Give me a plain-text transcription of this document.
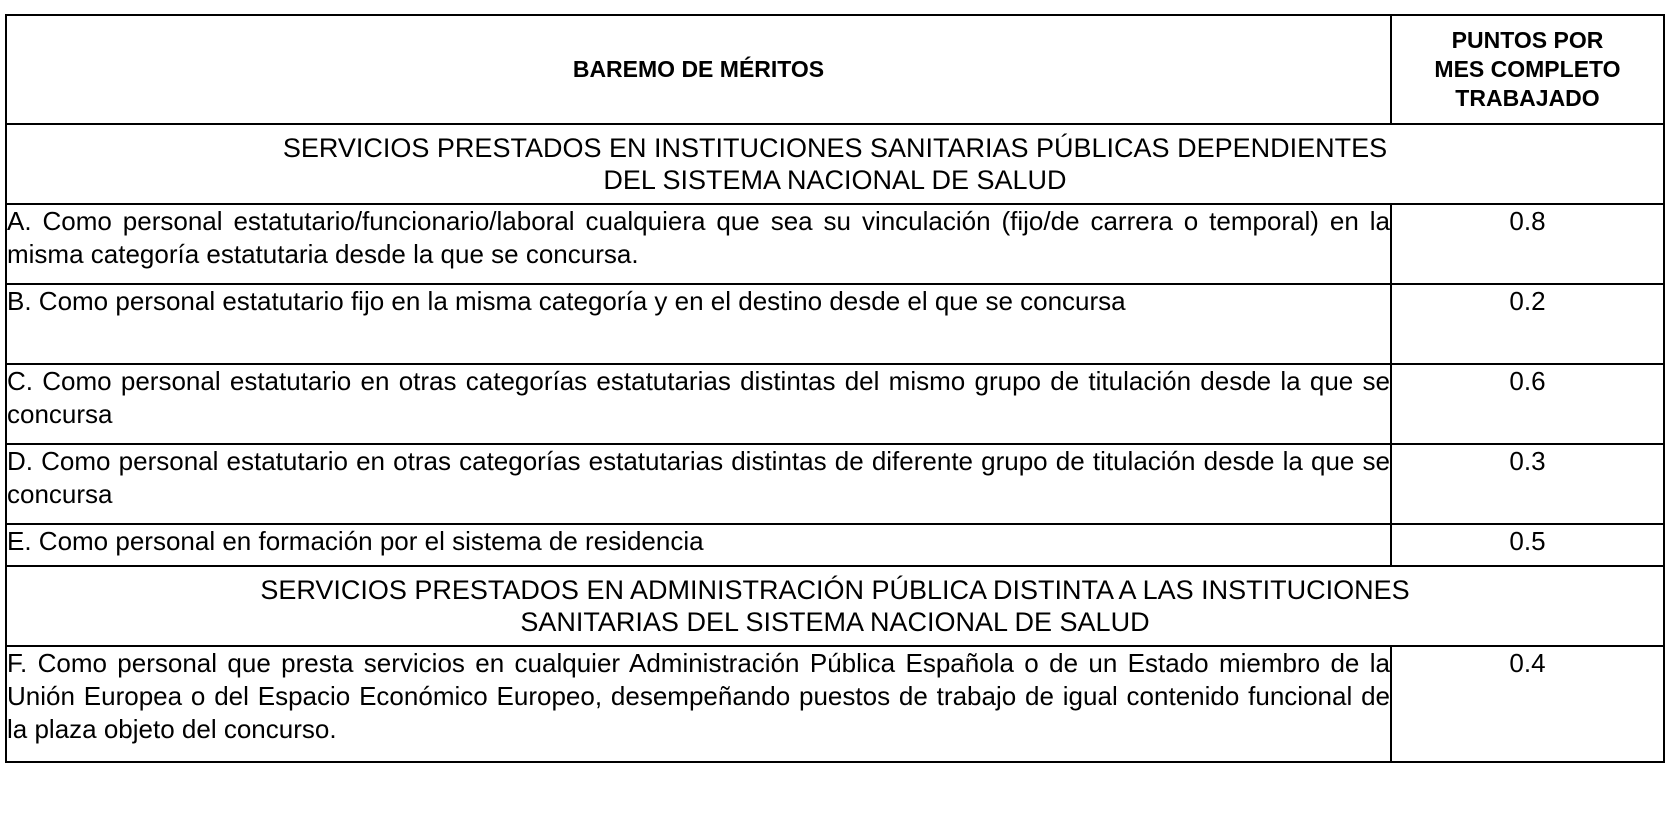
BAREMO DE MÉRITOS	PUNTOS POR
MES COMPLETO
TRABAJADO

SERVICIOS PRESTADOS EN INSTITUCIONES SANITARIAS PÚBLICAS DEPENDIENTES
DEL SISTEMA NACIONAL DE SALUD	

A. Como personal estatutario/funcionario/laboral cualquiera que sea su vinculación (fijo/de carrera o temporal) en la misma categoría estatutaria desde la que se concursa.	0.8
B. Como personal estatutario fijo en la misma categoría y en el destino desde el que se concursa	0.2
C. Como personal estatutario en otras categorías estatutarias distintas del mismo grupo de titulación desde la que se concursa	0.6
D. Como personal estatutario en otras categorías estatutarias distintas de diferente grupo de titulación desde la que se concursa	0.3
E. Como personal en formación por el sistema de residencia	0.5

SERVICIOS PRESTADOS EN ADMINISTRACIÓN PÚBLICA DISTINTA A LAS INSTITUCIONES
SANITARIAS DEL SISTEMA NACIONAL DE SALUD	

F. Como personal que presta servicios en cualquier Administración Pública Española o de un Estado miembro de la Unión Europea o del Espacio Económico Europeo, desempeñando puestos de trabajo de igual contenido funcional de la plaza objeto del concurso.	0.4
